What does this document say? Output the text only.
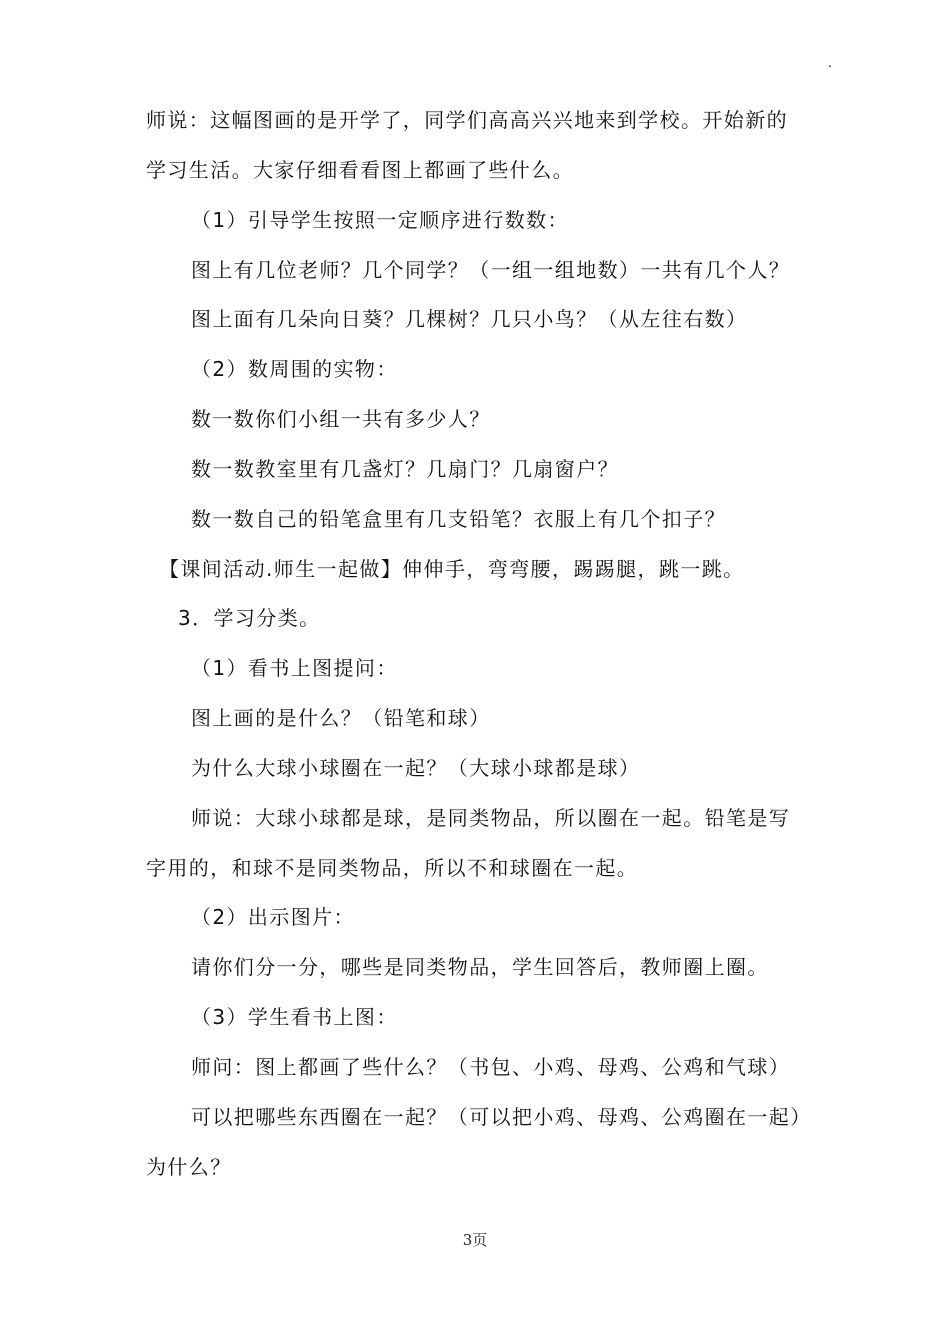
.
师说：这幅图画的是开学了，同学们高高兴兴地来到学校。开始新的
学习生活。大家仔细看看图上都画了些什么。
（1）引导学生按照一定顺序进行数数：
图上有几位老师？几个同学？（一组一组地数）一共有几个人？
图上面有几朵向日葵？几棵树？几只小鸟？（从左往右数）
（2）数周围的实物：
数一数你们小组一共有多少人？
数一数教室里有几盏灯？几扇门？几扇窗户？
数一数自己的铅笔盒里有几支铅笔？衣服上有几个扣子？
【课间活动.师生一起做】伸伸手，弯弯腰，踢踢腿，跳一跳。
3．学习分类。
（1）看书上图提问：
图上画的是什么？（铅笔和球）
为什么大球小球圈在一起？（大球小球都是球）
师说：大球小球都是球，是同类物品，所以圈在一起。铅笔是写
字用的，和球不是同类物品，所以不和球圈在一起。
（2）出示图片：
请你们分一分，哪些是同类物品，学生回答后，教师圈上圈。
（3）学生看书上图：
师问：图上都画了些什么？（书包、小鸡、母鸡、公鸡和气球）
可以把哪些东西圈在一起？（可以把小鸡、母鸡、公鸡圈在一起）
为什么？
3页
